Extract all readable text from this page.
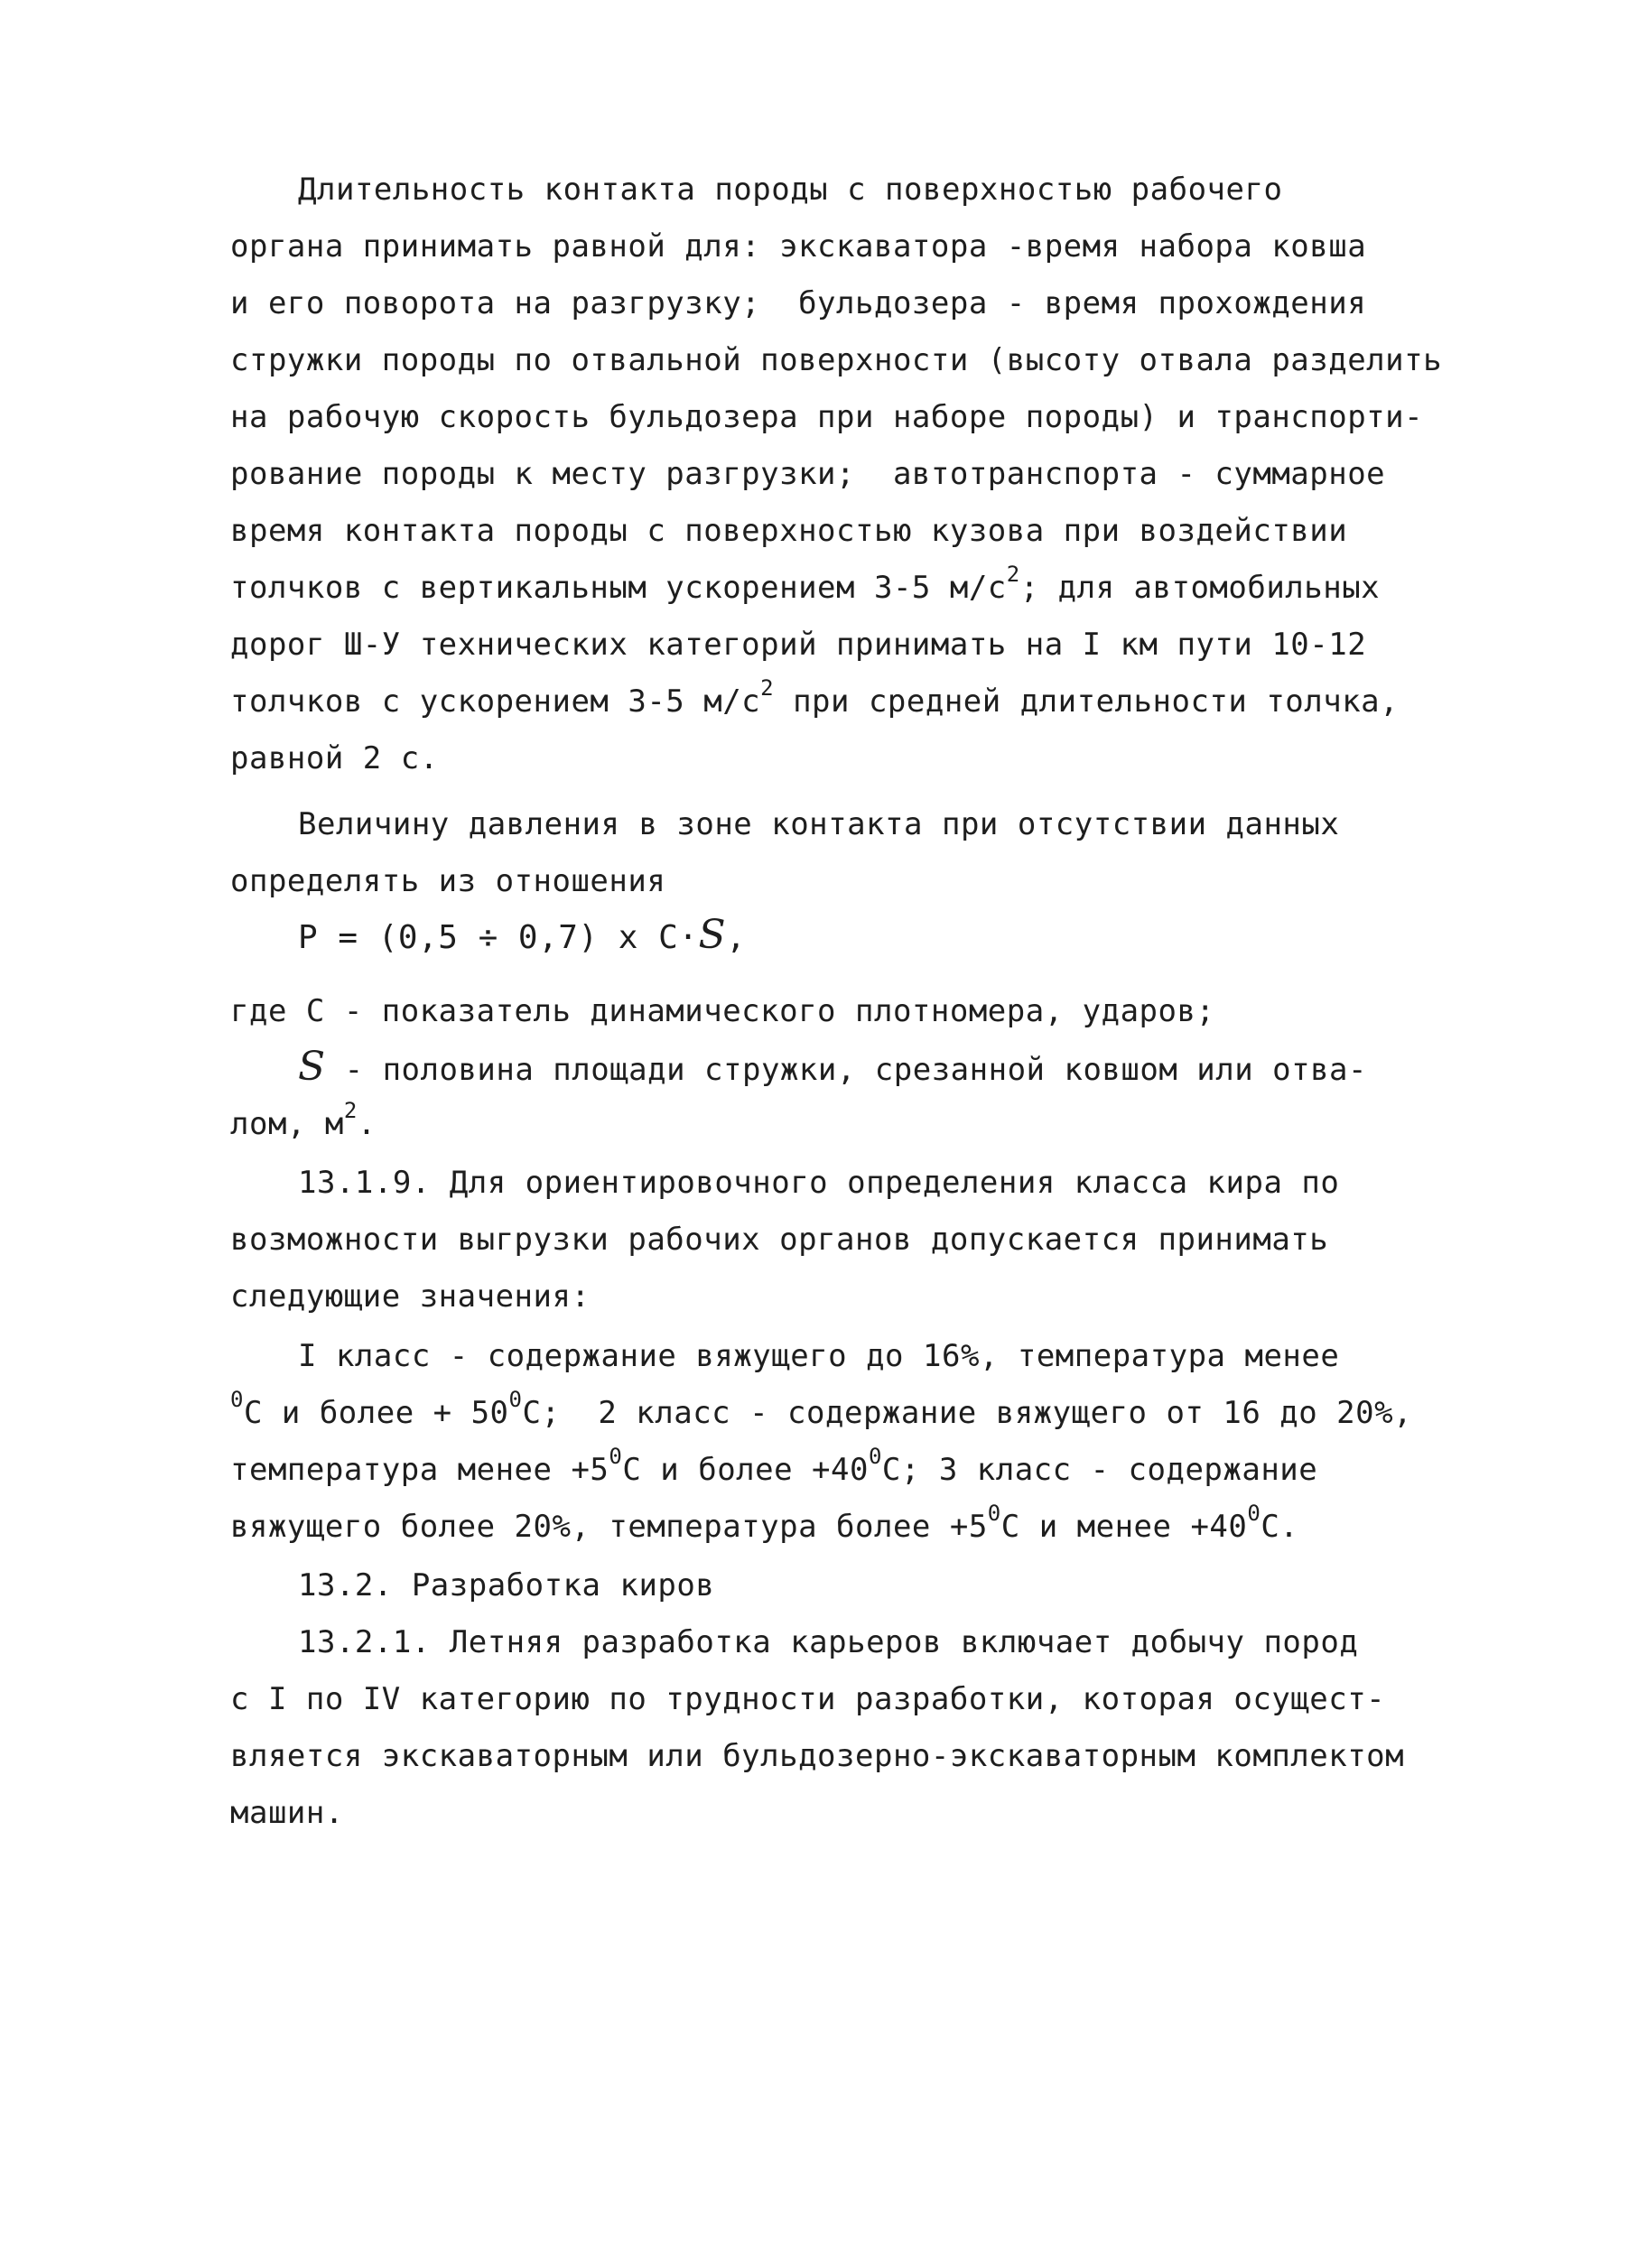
Длительность контакта породы с поверхностью рабочего
органа принимать равной для: экскаватора -время набора ковша
и его поворота на разгрузку;  бульдозера - время прохождения
стружки породы по отвальной поверхности (высоту отвала разделить
на рабочую скорость бульдозера при наборе породы) и транспорти-
рование породы к месту разгрузки;  автотранспорта - суммарное
время контакта породы с поверхностью кузова при воздействии
толчков с вертикальным ускорением 3-5 $м/с^2$; для автомобильных
дорог Ш-У технических категорий принимать на I км пути 10-12
толчков с ускорением 3-5 $м/с^2$ при средней длительности толчка,
равной 2 с.
Величину давления в зоне контакта при отсутствии данных
определять из отношения
P = (0,5 ÷ 0,7) x C·S,
где С - показатель динамического плотномера, ударов;
S - половина площади стружки, срезанной ковшом или отва-
лом, $м^2$.
13.1.9. Для ориентировочного определения класса кира по
возможности выгрузки рабочих органов допускается принимать
следующие значения:
I класс - содержание вяжущего до 16%, температура менее
$^0$С и более + $50^0С$;  2 класс - содержание вяжущего от 16 до 20%,
температура менее $+5^0С$ и более $+40^0С$; 3 класс - содержание
вяжущего более 20%, температура более $+5^0С$ и менее $+40^0С$.
13.2. Разработка киров
13.2.1. Летняя разработка карьеров включает добычу пород
с I по IV категорию по трудности разработки, которая осущест-
вляется экскаваторным или бульдозерно-экскаваторным комплектом
машин.
